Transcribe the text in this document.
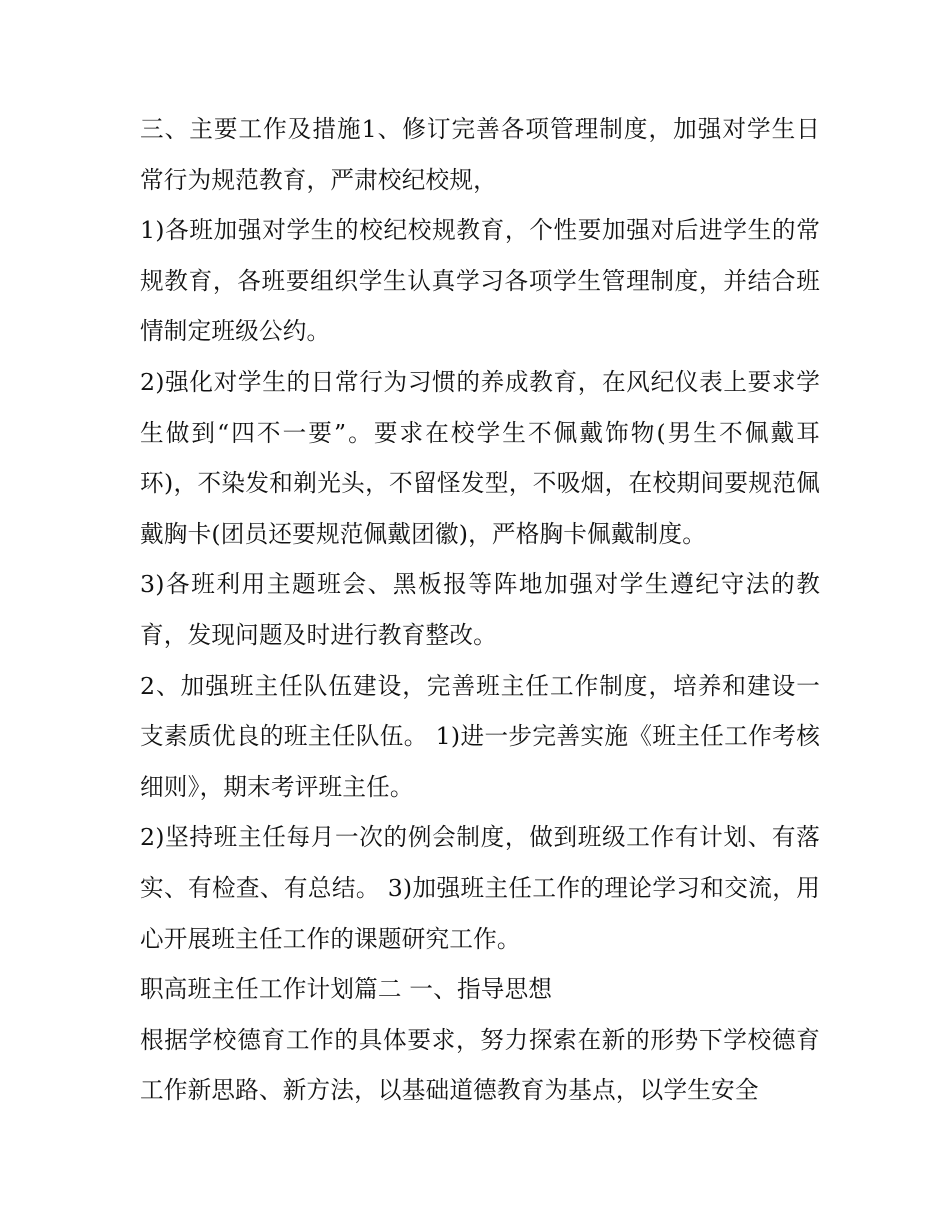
三、主要工作及措施1、修订完善各项管理制度，加强对学生日常行为规范教育，严肃校纪校规，

1)各班加强对学生的校纪校规教育，个性要加强对后进学生的常规教育，各班要组织学生认真学习各项学生管理制度，并结合班情制定班级公约。

2)强化对学生的日常行为习惯的养成教育，在风纪仪表上要求学生做到“四不一要”。要求在校学生不佩戴饰物(男生不佩戴耳环)，不染发和剃光头，不留怪发型，不吸烟，在校期间要规范佩戴胸卡(团员还要规范佩戴团徽)，严格胸卡佩戴制度。

3)各班利用主题班会、黑板报等阵地加强对学生遵纪守法的教育，发现问题及时进行教育整改。

2、加强班主任队伍建设，完善班主任工作制度，培养和建设一支素质优良的班主任队伍。 1)进一步完善实施《班主任工作考核细则》，期末考评班主任。

2)坚持班主任每月一次的例会制度，做到班级工作有计划、有落实、有检查、有总结。 3)加强班主任工作的理论学习和交流，用心开展班主任工作的课题研究工作。

职高班主任工作计划篇二 一、指导思想

根据学校德育工作的具体要求，努力探索在新的形势下学校德育工作新思路、新方法，以基础道德教育为基点，以学生安全
